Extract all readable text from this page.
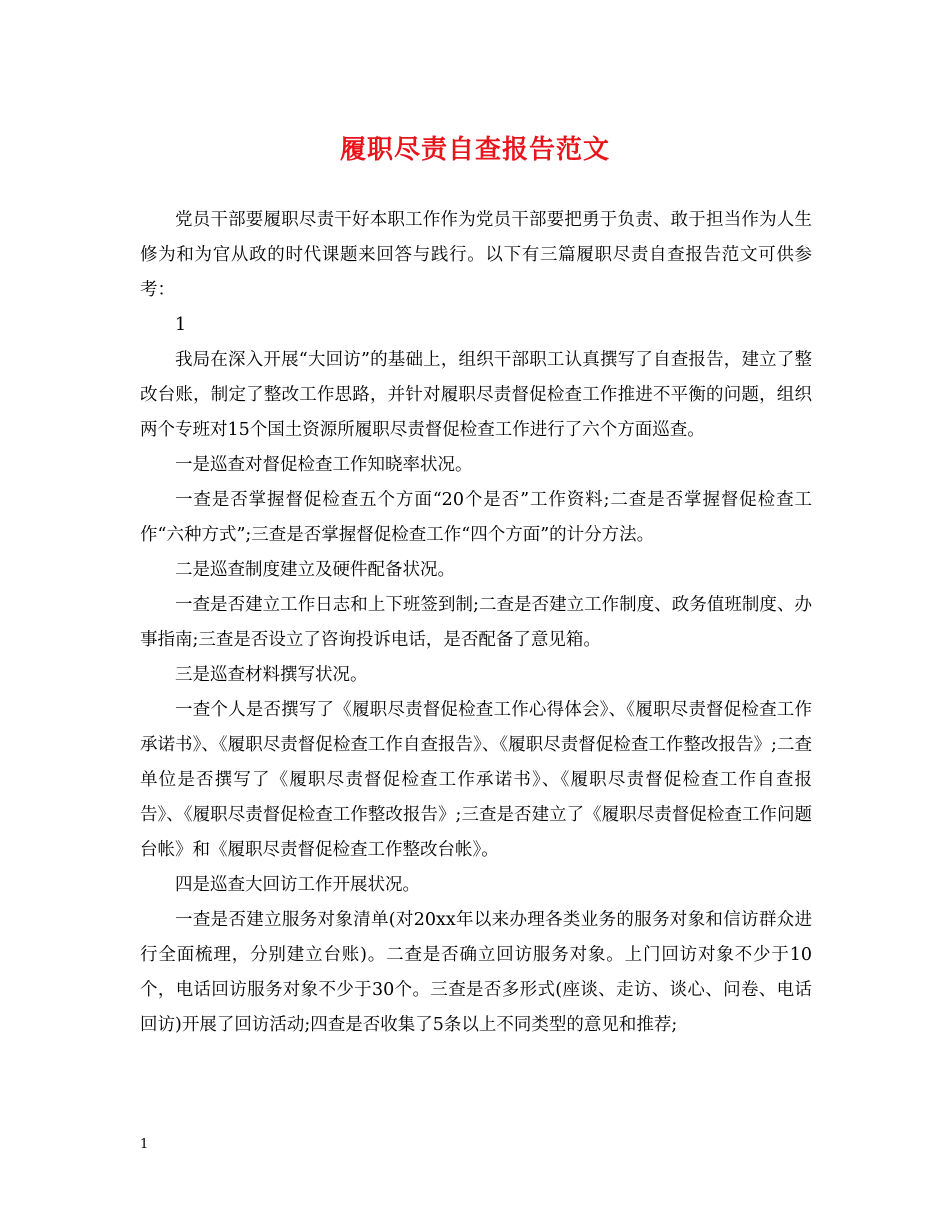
履职尽责自查报告范文

党员干部要履职尽责干好本职工作作为党员干部要把勇于负责、敢于担当作为人生修为和为官从政的时代课题来回答与践行。以下有三篇履职尽责自查报告范文可供参考：

1

我局在深入开展“大回访”的基础上，组织干部职工认真撰写了自查报告，建立了整改台账，制定了整改工作思路，并针对履职尽责督促检查工作推进不平衡的问题，组织两个专班对15个国土资源所履职尽责督促检查工作进行了六个方面巡查。

一是巡查对督促检查工作知晓率状况。

一查是否掌握督促检查五个方面“20个是否”工作资料;二查是否掌握督促检查工作“六种方式”;三查是否掌握督促检查工作“四个方面”的计分方法。

二是巡查制度建立及硬件配备状况。

一查是否建立工作日志和上下班签到制;二查是否建立工作制度、政务值班制度、办事指南;三查是否设立了咨询投诉电话，是否配备了意见箱。

三是巡查材料撰写状况。

一查个人是否撰写了《履职尽责督促检查工作心得体会》、《履职尽责督促检查工作承诺书》、《履职尽责督促检查工作自查报告》、《履职尽责督促检查工作整改报告》;二查单位是否撰写了《履职尽责督促检查工作承诺书》、《履职尽责督促检查工作自查报告》、《履职尽责督促检查工作整改报告》;三查是否建立了《履职尽责督促检查工作问题台帐》和《履职尽责督促检查工作整改台帐》。

四是巡查大回访工作开展状况。

一查是否建立服务对象清单(对20xx年以来办理各类业务的服务对象和信访群众进行全面梳理，分别建立台账)。二查是否确立回访服务对象。上门回访对象不少于10个，电话回访服务对象不少于30个。三查是否多形式(座谈、走访、谈心、问卷、电话回访)开展了回访活动;四查是否收集了5条以上不同类型的意见和推荐;

1
